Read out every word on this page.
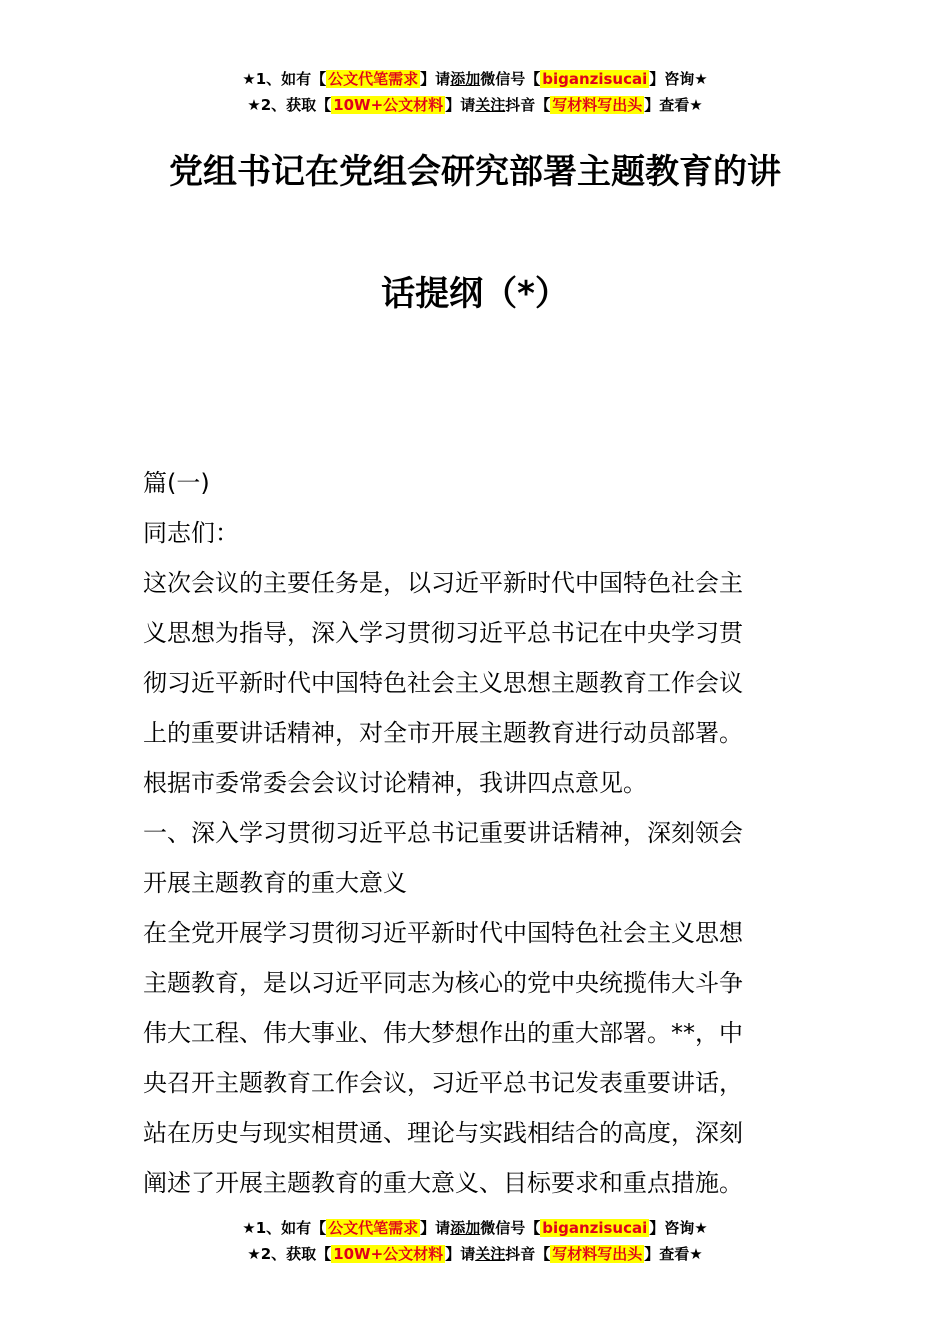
★1、如有【 公文代笔需求 】请添加微信号【 biganzisucai 】咨询★
★2、获取【 10W+公文材料 】请关注抖音【 写材料写出头 】查看★
党组书记在党组会研究部署主题教育的讲
话提纲（*）

篇(一)

同志们：

这次会议的主要任务是，以习近平新时代中国特色社会主

义思想为指导，深入学习贯彻习近平总书记在中央学习贯

彻习近平新时代中国特色社会主义思想主题教育工作会议

上的重要讲话精神，对全市开展主题教育进行动员部署。

根据市委常委会会议讨论精神，我讲四点意见。

一、深入学习贯彻习近平总书记重要讲话精神，深刻领会

开展主题教育的重大意义

在全党开展学习贯彻习近平新时代中国特色社会主义思想

主题教育，是以习近平同志为核心的党中央统揽伟大斗争

伟大工程、伟大事业、伟大梦想作出的重大部署。**，中

央召开主题教育工作会议，习近平总书记发表重要讲话，

站在历史与现实相贯通、理论与实践相结合的高度，深刻

阐述了开展主题教育的重大意义、目标要求和重点措施。

★1、如有【 公文代笔需求 】请添加微信号【 biganzisucai 】咨询★
★2、获取【 10W+公文材料 】请关注抖音【 写材料写出头 】查看★
